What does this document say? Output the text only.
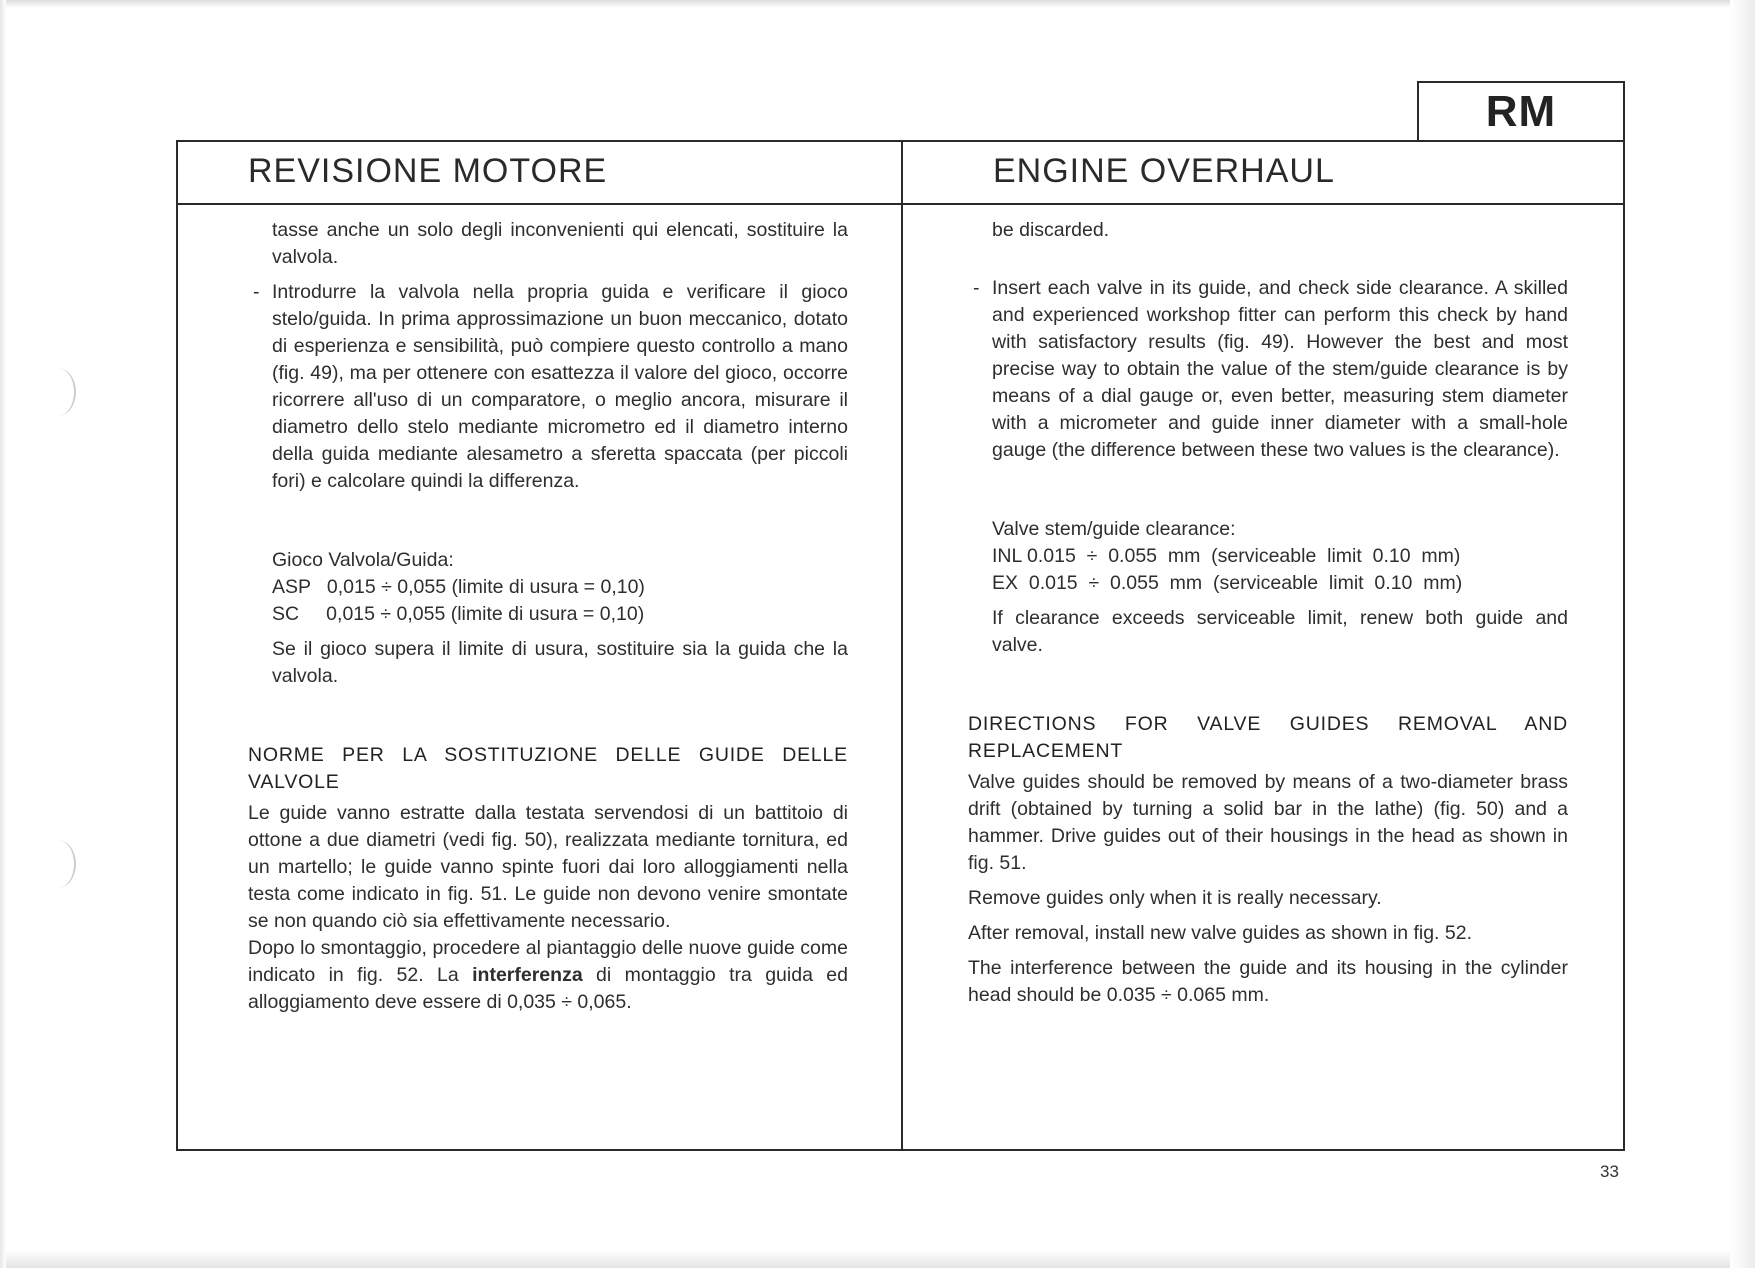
RM
REVISIONE MOTORE	ENGINE OVERHAUL

tasse anche un solo degli inconvenienti qui elencati, sostituire la valvola.

- Introdurre la valvola nella propria guida e verificare il gioco stelo/guida. In prima approssimazione un buon meccanico, dotato di esperienza e sensibilità, può compiere questo controllo a mano (fig. 49), ma per ottenere con esattezza il valore del gioco, occorre ricorrere all'uso di un comparatore, o meglio ancora, misurare il diametro dello stelo mediante micrometro ed il diametro interno della guida mediante alesametro a sferetta spaccata (per piccoli fori) e calcolare quindi la differenza.

Gioco Valvola/Guida:

ASP   0,015 ÷ 0,055 (limite di usura = 0,10)

SC     0,015 ÷ 0,055 (limite di usura = 0,10)

Se il gioco supera il limite di usura, sostituire sia la guida che la valvola.

NORME PER LA SOSTITUZIONE DELLE GUIDE DELLE VALVOLE

Le guide vanno estratte dalla testata servendosi di un battitoio di ottone a due diametri (vedi fig. 50), realizzata mediante tornitura, ed un martello; le guide vanno spinte fuori dai loro alloggiamenti nella testa come indicato in fig. 51. Le guide non devono venire smontate se non quando ciò sia effettivamente necessario.

Dopo lo smontaggio, procedere al piantaggio delle nuove guide come indicato in fig. 52. La interferenza di montaggio tra guida ed alloggiamento deve essere di 0,035 ÷ 0,065.

be discarded.

- Insert each valve in its guide, and check side clearance. A skilled and experienced workshop fitter can perform this check by hand with satisfactory results (fig. 49). However the best and most precise way to obtain the value of the stem/guide clearance is by means of a dial gauge or, even better, measuring stem diameter with a micrometer and guide inner diameter with a small-hole gauge (the difference between these two values is the clearance).

Valve stem/guide clearance:

INL 0.015  ÷  0.055  mm  (serviceable  limit  0.10  mm)

EX  0.015  ÷  0.055  mm  (serviceable  limit  0.10  mm)

If clearance exceeds serviceable limit, renew both guide and valve.

DIRECTIONS FOR VALVE GUIDES REMOVAL AND REPLACEMENT

Valve guides should be removed by means of a two-diameter brass drift (obtained by turning a solid bar in the lathe) (fig. 50) and a hammer. Drive guides out of their housings in the head as shown in fig. 51.

Remove guides only when it is really necessary.

After removal, install new valve guides as shown in fig. 52.

The interference between the guide and its housing in the cylinder head should be 0.035 ÷ 0.065 mm.

33
